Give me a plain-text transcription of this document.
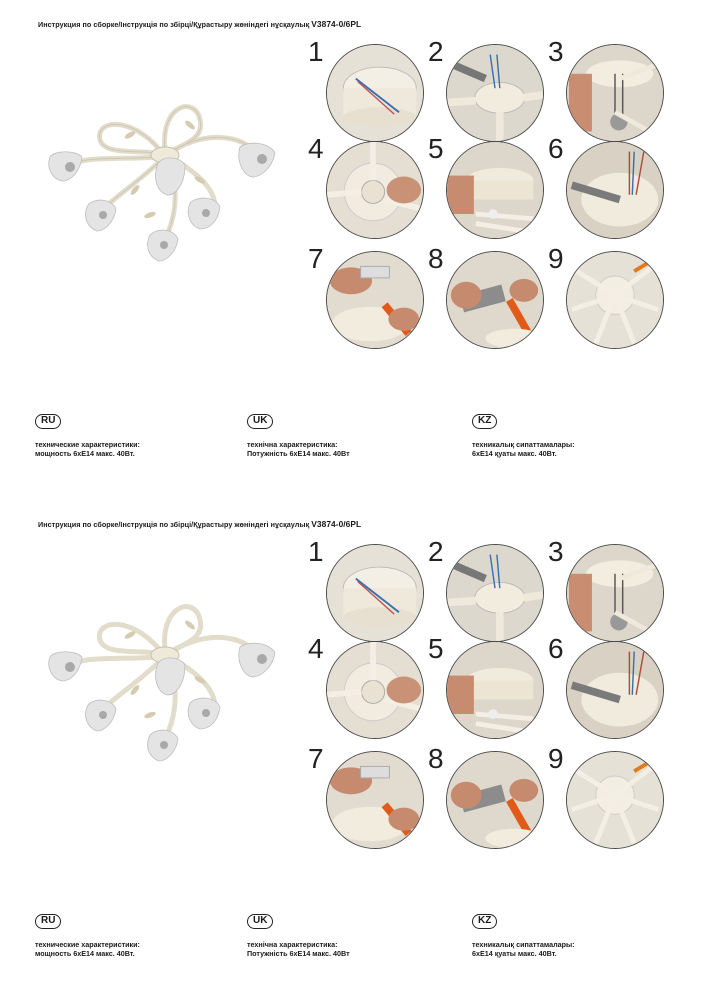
Инструкция по сборке/Інструкція по збірці/Құрастыру жөніндегі нұсқаулық V3874-0/6PL
1	2	3
4	5	6
7	8	9
RU
технические характеристики:
мощность 6хЕ14 макс. 40Вт.
UK
технічна характеристика:
Потужність 6хЕ14 макс. 40Вт
KZ
техникалық сипаттамалары:
6хЕ14 қуаты макс. 40Вт.
Инструкция по сборке/Інструкція по збірці/Құрастыру жөніндегі нұсқаулық V3874-0/6PL
1	2	3
4	5	6
7	8	9
RU
технические характеристики:
мощность 6хЕ14 макс. 40Вт.
UK
технічна характеристика:
Потужність 6хЕ14 макс. 40Вт
KZ
техникалық сипаттамалары:
6хЕ14 қуаты макс. 40Вт.
